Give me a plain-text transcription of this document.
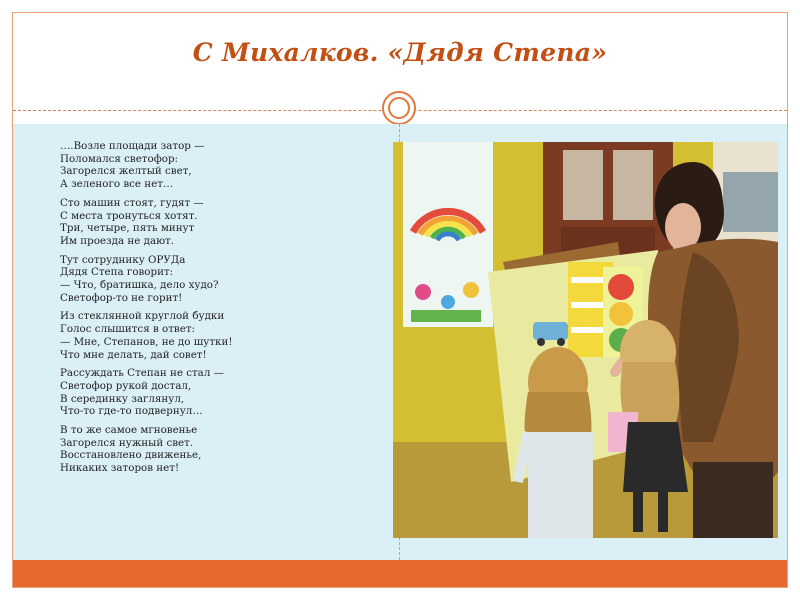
С Михалков. «Дядя Степа»
….Возле площади затор —
Поломался светофор:
Загорелся желтый свет,
А зеленого все нет…
Сто машин стоят, гудят —
С места тронуться хотят.
Три, четыре, пять минут
Им проезда не дают.
Тут сотруднику ОРУДа
Дядя Степа говорит:
— Что, братишка, дело худо?
Светофор-то не горит!
Из стеклянной круглой будки
Голос слышится в ответ:
— Мне, Степанов, не до шутки!
Что мне делать, дай совет!
Рассуждать Степан не стал —
Светофор рукой достал,
В серединку заглянул,
Что-то где-то подвернул…
В то же самое мгновенье
Загорелся нужный свет.
Восстановлено движенье,
Никаких заторов нет!
